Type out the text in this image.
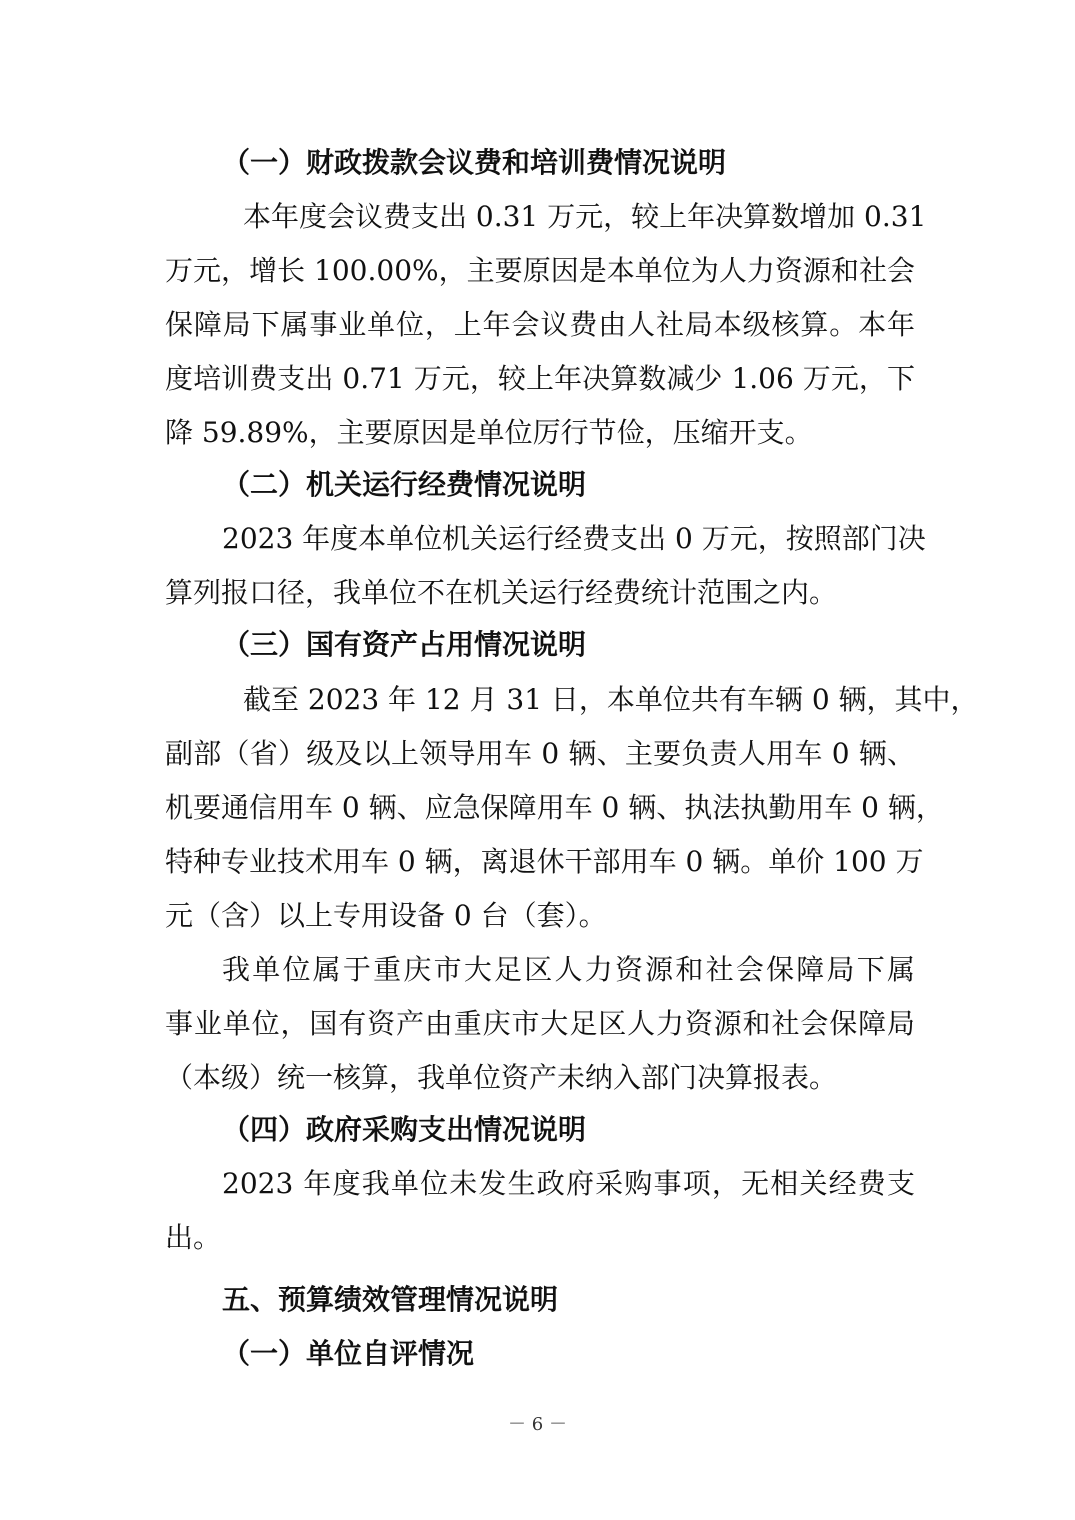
（一）财政拨款会议费和培训费情况说明
本年度会议费支出 0.31 万元，较上年决算数增加 0.31
万元，增长 100.00%，主要原因是本单位为人力资源和社会
保障局下属事业单位，上年会议费由人社局本级核算。本年
度培训费支出 0.71 万元，较上年决算数减少 1.06 万元，下
降 59.89%，主要原因是单位厉行节俭，压缩开支。
（二）机关运行经费情况说明
2023 年度本单位机关运行经费支出 0 万元，按照部门决
算列报口径，我单位不在机关运行经费统计范围之内。
（三）国有资产占用情况说明
截至 2023 年 12 月 31 日，本单位共有车辆 0 辆，其中，
副部（省）级及以上领导用车 0 辆、主要负责人用车 0 辆、
机要通信用车 0 辆、应急保障用车 0 辆、执法执勤用车 0 辆，
特种专业技术用车 0 辆，离退休干部用车 0 辆。单价 100 万
元（含）以上专用设备 0 台（套）。
我单位属于重庆市大足区人力资源和社会保障局下属
事业单位，国有资产由重庆市大足区人力资源和社会保障局
（本级）统一核算，我单位资产未纳入部门决算报表。
（四）政府采购支出情况说明
2023 年度我单位未发生政府采购事项，无相关经费支
出。
五、预算绩效管理情况说明
（一）单位自评情况
－ 6 －
